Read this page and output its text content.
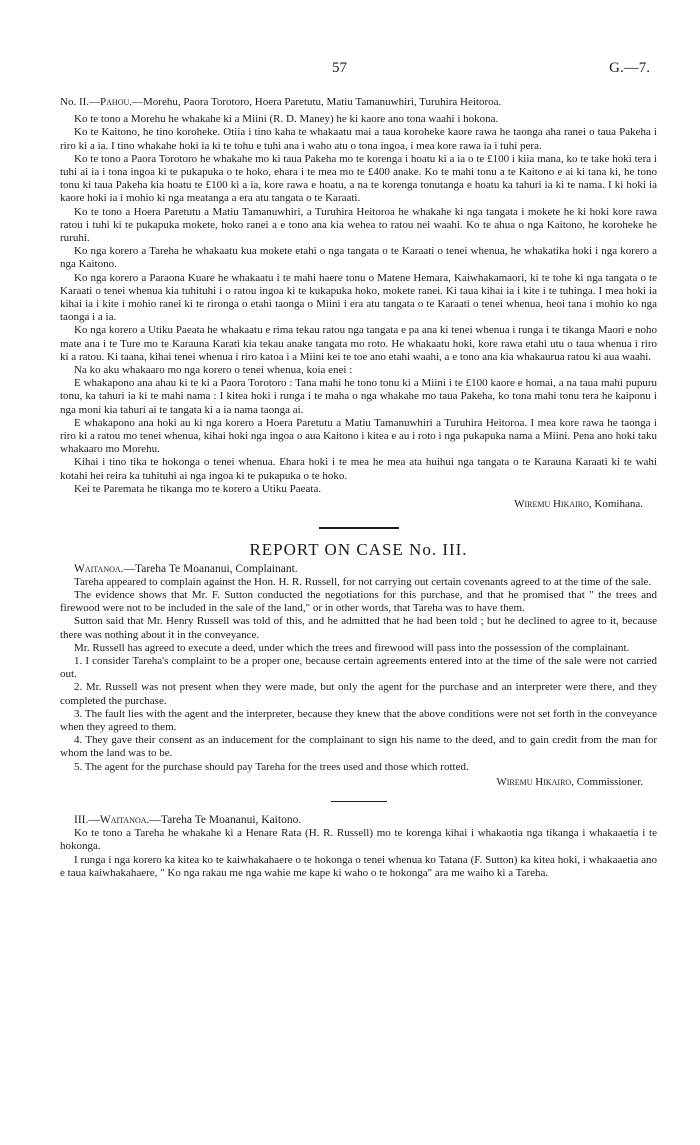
57	G.—7.

No. II.—Pahou.—Morehu, Paora Torotoro, Hoera Paretutu, Matiu Tamanuwhiri, Turuhira Heitoroa.

Ko te tono a Morehu he whakahe ki a Miini (R. D. Maney) he ki kaore ano tona waahi i hokona.

Ko te Kaitono, he tino koroheke. Otiia i tino kaha te whakaatu mai a taua koroheke kaore rawa he taonga aha ranei o taua Pakeha i riro ki a ia. I tino whakahe hoki ia ki te tohu e tuhi ana i waho atu o tona ingoa, i mea kore rawa ia i tuhi pera.

Ko te tono a Paora Torotoro he whakahe mo ki taua Pakeha mo te korenga i hoatu ki a ia o te £100 i kiia mana, ko te take hoki tera i tuhi ai ia i tona ingoa ki te pukapuka o te hoko, ehara i te mea mo te £400 anake. Ko te mahi tonu a te Kaitono e ai ki tana ki, he tono tonu ki taua Pakeha kia hoatu te £100 ki a ia, kore rawa e hoatu, a na te korenga tonutanga e hoatu ka tahuri ia ki te nama. I ki hoki ia kaore hoki ia i mohio ki nga meatanga a era atu tangata o te Karaati.

Ko te tono a Hoera Paretutu a Matiu Tamanuwhiri, a Turuhira Heitoroa he whakahe ki nga tangata i mokete he ki hoki kore rawa ratou i tuhi ki te pukapuka mokete, hoko ranei a e tono ana kia wehea to ratou nei waahi. Ko te ahua o nga Kaitono, he koroheke he ruruhi.

Ko nga korero a Tareha he whakaatu kua mokete etahi o nga tangata o te Karaati o tenei whenua, he whakatika hoki i nga korero a nga Kaitono.

Ko nga korero a Paraona Kuare he whakaatu i te mahi haere tonu o Matene Hemara, Kaiwhakamaori, ki te tohe ki nga tangata o te Karaati o tenei whenua kia tuhituhi i o ratou ingoa ki te kukapuka hoko, mokete ranei. Ki taua kihai ia i kite i te tuhinga. I mea hoki ia kihai ia i kite i mohio ranei ki te rironga o etahi taonga o Miini i era atu tangata o te Karaati o tenei whenua, heoi tana i mohio ko nga taonga i a ia.

Ko nga korero a Utiku Paeata he whakaatu e rima tekau ratou nga tangata e pa ana ki tenei whenua i runga i te tikanga Maori e noho mate ana i te Ture mo te Karauna Karati kia tekau anake tangata mo roto. He whakaatu hoki, kore rawa etahi utu o taua whenua i riro ki a ratou. Ki taana, kihai tenei whenua i riro katoa i a Miini kei te toe ano etahi waahi, a e tono ana kia whakaurua ratou ki aua waahi.

Na ko aku whakaaro mo nga korero o tenei whenua, koia enei :

E whakapono ana ahau ki te ki a Paora Torotoro : Tana mahi he tono tonu ki a Miini i te £100 kaore e homai, a na taua mahi pupuru tonu, ka tahuri ia ki te mahi nama : I kitea hoki i runga i te maha o nga whakahe mo taua Pakeha, ko tona mahi tonu tera he kaiponu i nga moni kia tahuri ai te tangata ki a ia nama taonga ai.

E whakapono ana hoki au ki nga korero a Hoera Paretutu a Matiu Tamanuwhiri a Turuhira Heitoroa. I mea kore rawa he taonga i riro ki a ratou mo tenei whenua, kihai hoki nga ingoa o aua Kaitono i kitea e au i roto i nga pukapuka nama a Miini. Pena ano hoki taku whakaaro mo Morehu.

Kihai i tino tika te hokonga o tenei whenua. Ehara hoki i te mea he mea ata huihui nga tangata o te Karauna Karaati ki te wahi kotahi hei reira ka tuhituhi ai nga ingoa ki te pukapuka o te hoko.

Kei te Paremata he tikanga mo te korero a Utiku Paeata.

Wiremu Hikairo, Komihana.

REPORT ON CASE No. III.

Waitanoa.—Tareha Te Moananui, Complainant.

Tareha appeared to complain against the Hon. H. R. Russell, for not carrying out certain covenants agreed to at the time of the sale.

The evidence shows that Mr. F. Sutton conducted the negotiations for this purchase, and that he promised that " the trees and firewood were not to be included in the sale of the land," or in other words, that Tareha was to have them.

Sutton said that Mr. Henry Russell was told of this, and he admitted that he had been told ; but he declined to agree to it, because there was nothing about it in the conveyance.

Mr. Russell has agreed to execute a deed, under which the trees and firewood will pass into the possession of the complainant.

1. I consider Tareha's complaint to be a proper one, because certain agreements entered into at the time of the sale were not carried out.

2. Mr. Russell was not present when they were made, but only the agent for the purchase and an interpreter were there, and they completed the purchase.

3. The fault lies with the agent and the interpreter, because they knew that the above conditions were not set forth in the conveyance when they agreed to them.

4. They gave their consent as an inducement for the complainant to sign his name to the deed, and to gain credit from the man for whom the land was to be.

5. The agent for the purchase should pay Tareha for the trees used and those which rotted.

Wiremu Hikairo, Commissioner.

III.—Waitanoa.—Tareha Te Moananui, Kaitono.

Ko te tono a Tareha he whakahe ki a Henare Rata (H. R. Russell) mo te korenga kihai i whakaotia nga tikanga i whakaaetia i te hokonga.

I runga i nga korero ka kitea ko te kaiwhakahaere o te hokonga o tenei whenua ko Tatana (F. Sutton) ka kitea hoki, i whakaaetia ano e taua kaiwhakahaere, " Ko nga rakau me nga wahie me kape ki waho o te hokonga" ara me waiho ki a Tareha.
